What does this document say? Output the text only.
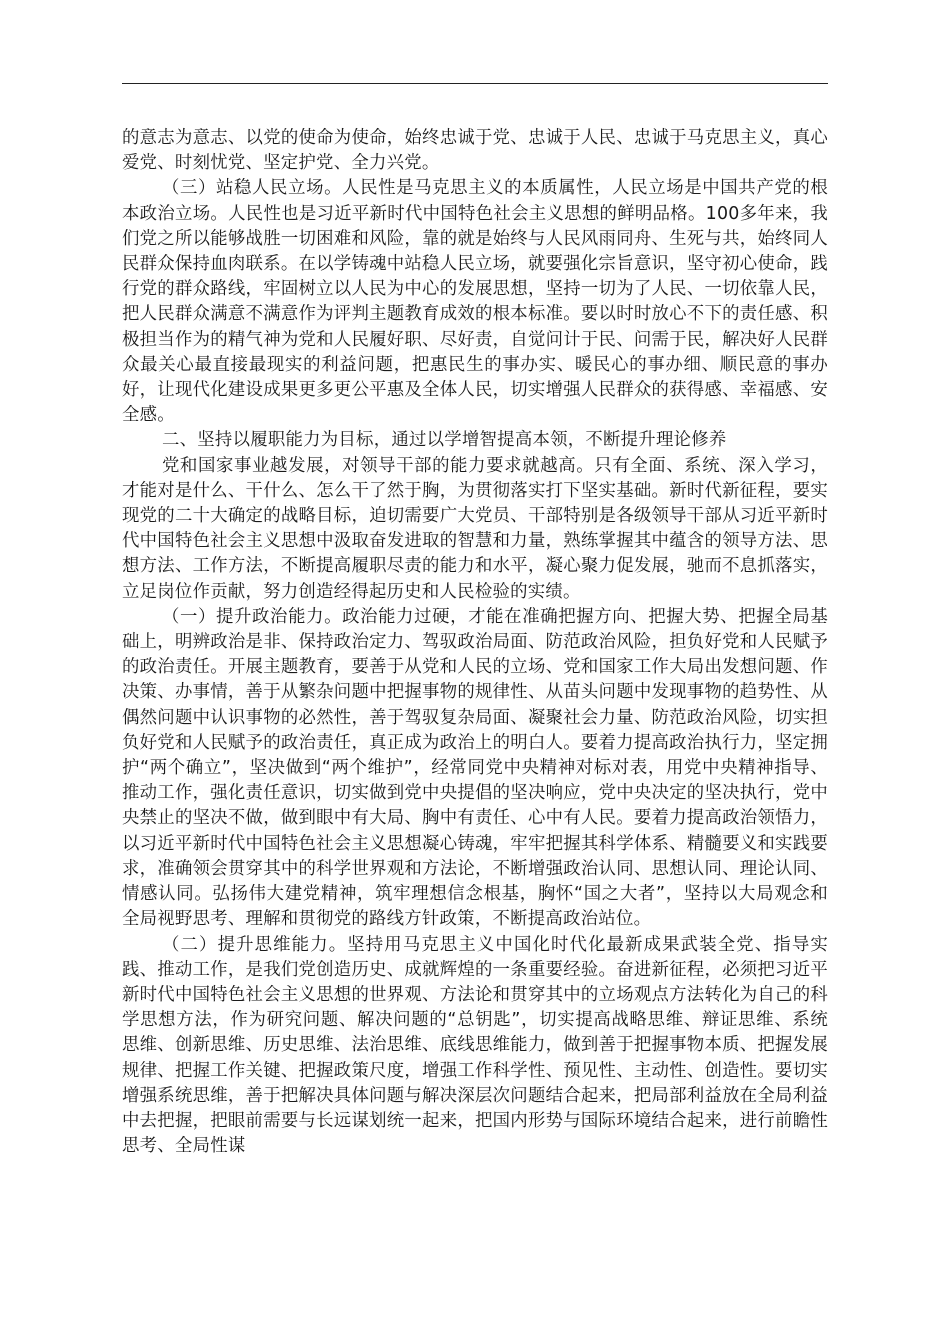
的意志为意志、以党的使命为使命，始终忠诚于党、忠诚于人民、忠诚于马克思主义，真心爱党、时刻忧党、坚定护党、全力兴党。

（三）站稳人民立场。人民性是马克思主义的本质属性，人民立场是中国共产党的根本政治立场。人民性也是习近平新时代中国特色社会主义思想的鲜明品格。100多年来，我们党之所以能够战胜一切困难和风险，靠的就是始终与人民风雨同舟、生死与共，始终同人民群众保持血肉联系。在以学铸魂中站稳人民立场，就要强化宗旨意识，坚守初心使命，践行党的群众路线，牢固树立以人民为中心的发展思想，坚持一切为了人民、一切依靠人民，把人民群众满意不满意作为评判主题教育成效的根本标准。要以时时放心不下的责任感、积极担当作为的精气神为党和人民履好职、尽好责，自觉问计于民、问需于民，解决好人民群众最关心最直接最现实的利益问题，把惠民生的事办实、暖民心的事办细、顺民意的事办好，让现代化建设成果更多更公平惠及全体人民，切实增强人民群众的获得感、幸福感、安全感。

二、坚持以履职能力为目标，通过以学增智提高本领，不断提升理论修养

党和国家事业越发展，对领导干部的能力要求就越高。只有全面、系统、深入学习，才能对是什么、干什么、怎么干了然于胸，为贯彻落实打下坚实基础。新时代新征程，要实现党的二十大确定的战略目标，迫切需要广大党员、干部特别是各级领导干部从习近平新时代中国特色社会主义思想中汲取奋发进取的智慧和力量，熟练掌握其中蕴含的领导方法、思想方法、工作方法，不断提高履职尽责的能力和水平，凝心聚力促发展，驰而不息抓落实，立足岗位作贡献，努力创造经得起历史和人民检验的实绩。

（一）提升政治能力。政治能力过硬，才能在准确把握方向、把握大势、把握全局基础上，明辨政治是非、保持政治定力、驾驭政治局面、防范政治风险，担负好党和人民赋予的政治责任。开展主题教育，要善于从党和人民的立场、党和国家工作大局出发想问题、作决策、办事情，善于从繁杂问题中把握事物的规律性、从苗头问题中发现事物的趋势性、从偶然问题中认识事物的必然性，善于驾驭复杂局面、凝聚社会力量、防范政治风险，切实担负好党和人民赋予的政治责任，真正成为政治上的明白人。要着力提高政治执行力，坚定拥护“两个确立”，坚决做到“两个维护”，经常同党中央精神对标对表，用党中央精神指导、推动工作，强化责任意识，切实做到党中央提倡的坚决响应，党中央决定的坚决执行，党中央禁止的坚决不做，做到眼中有大局、胸中有责任、心中有人民。要着力提高政治领悟力，以习近平新时代中国特色社会主义思想凝心铸魂，牢牢把握其科学体系、精髓要义和实践要求，准确领会贯穿其中的科学世界观和方法论，不断增强政治认同、思想认同、理论认同、情感认同。弘扬伟大建党精神，筑牢理想信念根基，胸怀“国之大者”，坚持以大局观念和全局视野思考、理解和贯彻党的路线方针政策，不断提高政治站位。

（二）提升思维能力。坚持用马克思主义中国化时代化最新成果武装全党、指导实践、推动工作，是我们党创造历史、成就辉煌的一条重要经验。奋进新征程，必须把习近平新时代中国特色社会主义思想的世界观、方法论和贯穿其中的立场观点方法转化为自己的科学思想方法，作为研究问题、解决问题的“总钥匙”，切实提高战略思维、辩证思维、系统思维、创新思维、历史思维、法治思维、底线思维能力，做到善于把握事物本质、把握发展规律、把握工作关键、把握政策尺度，增强工作科学性、预见性、主动性、创造性。要切实增强系统思维，善于把解决具体问题与解决深层次问题结合起来，把局部利益放在全局利益中去把握，把眼前需要与长远谋划统一起来，把国内形势与国际环境结合起来，进行前瞻性思考、全局性谋
